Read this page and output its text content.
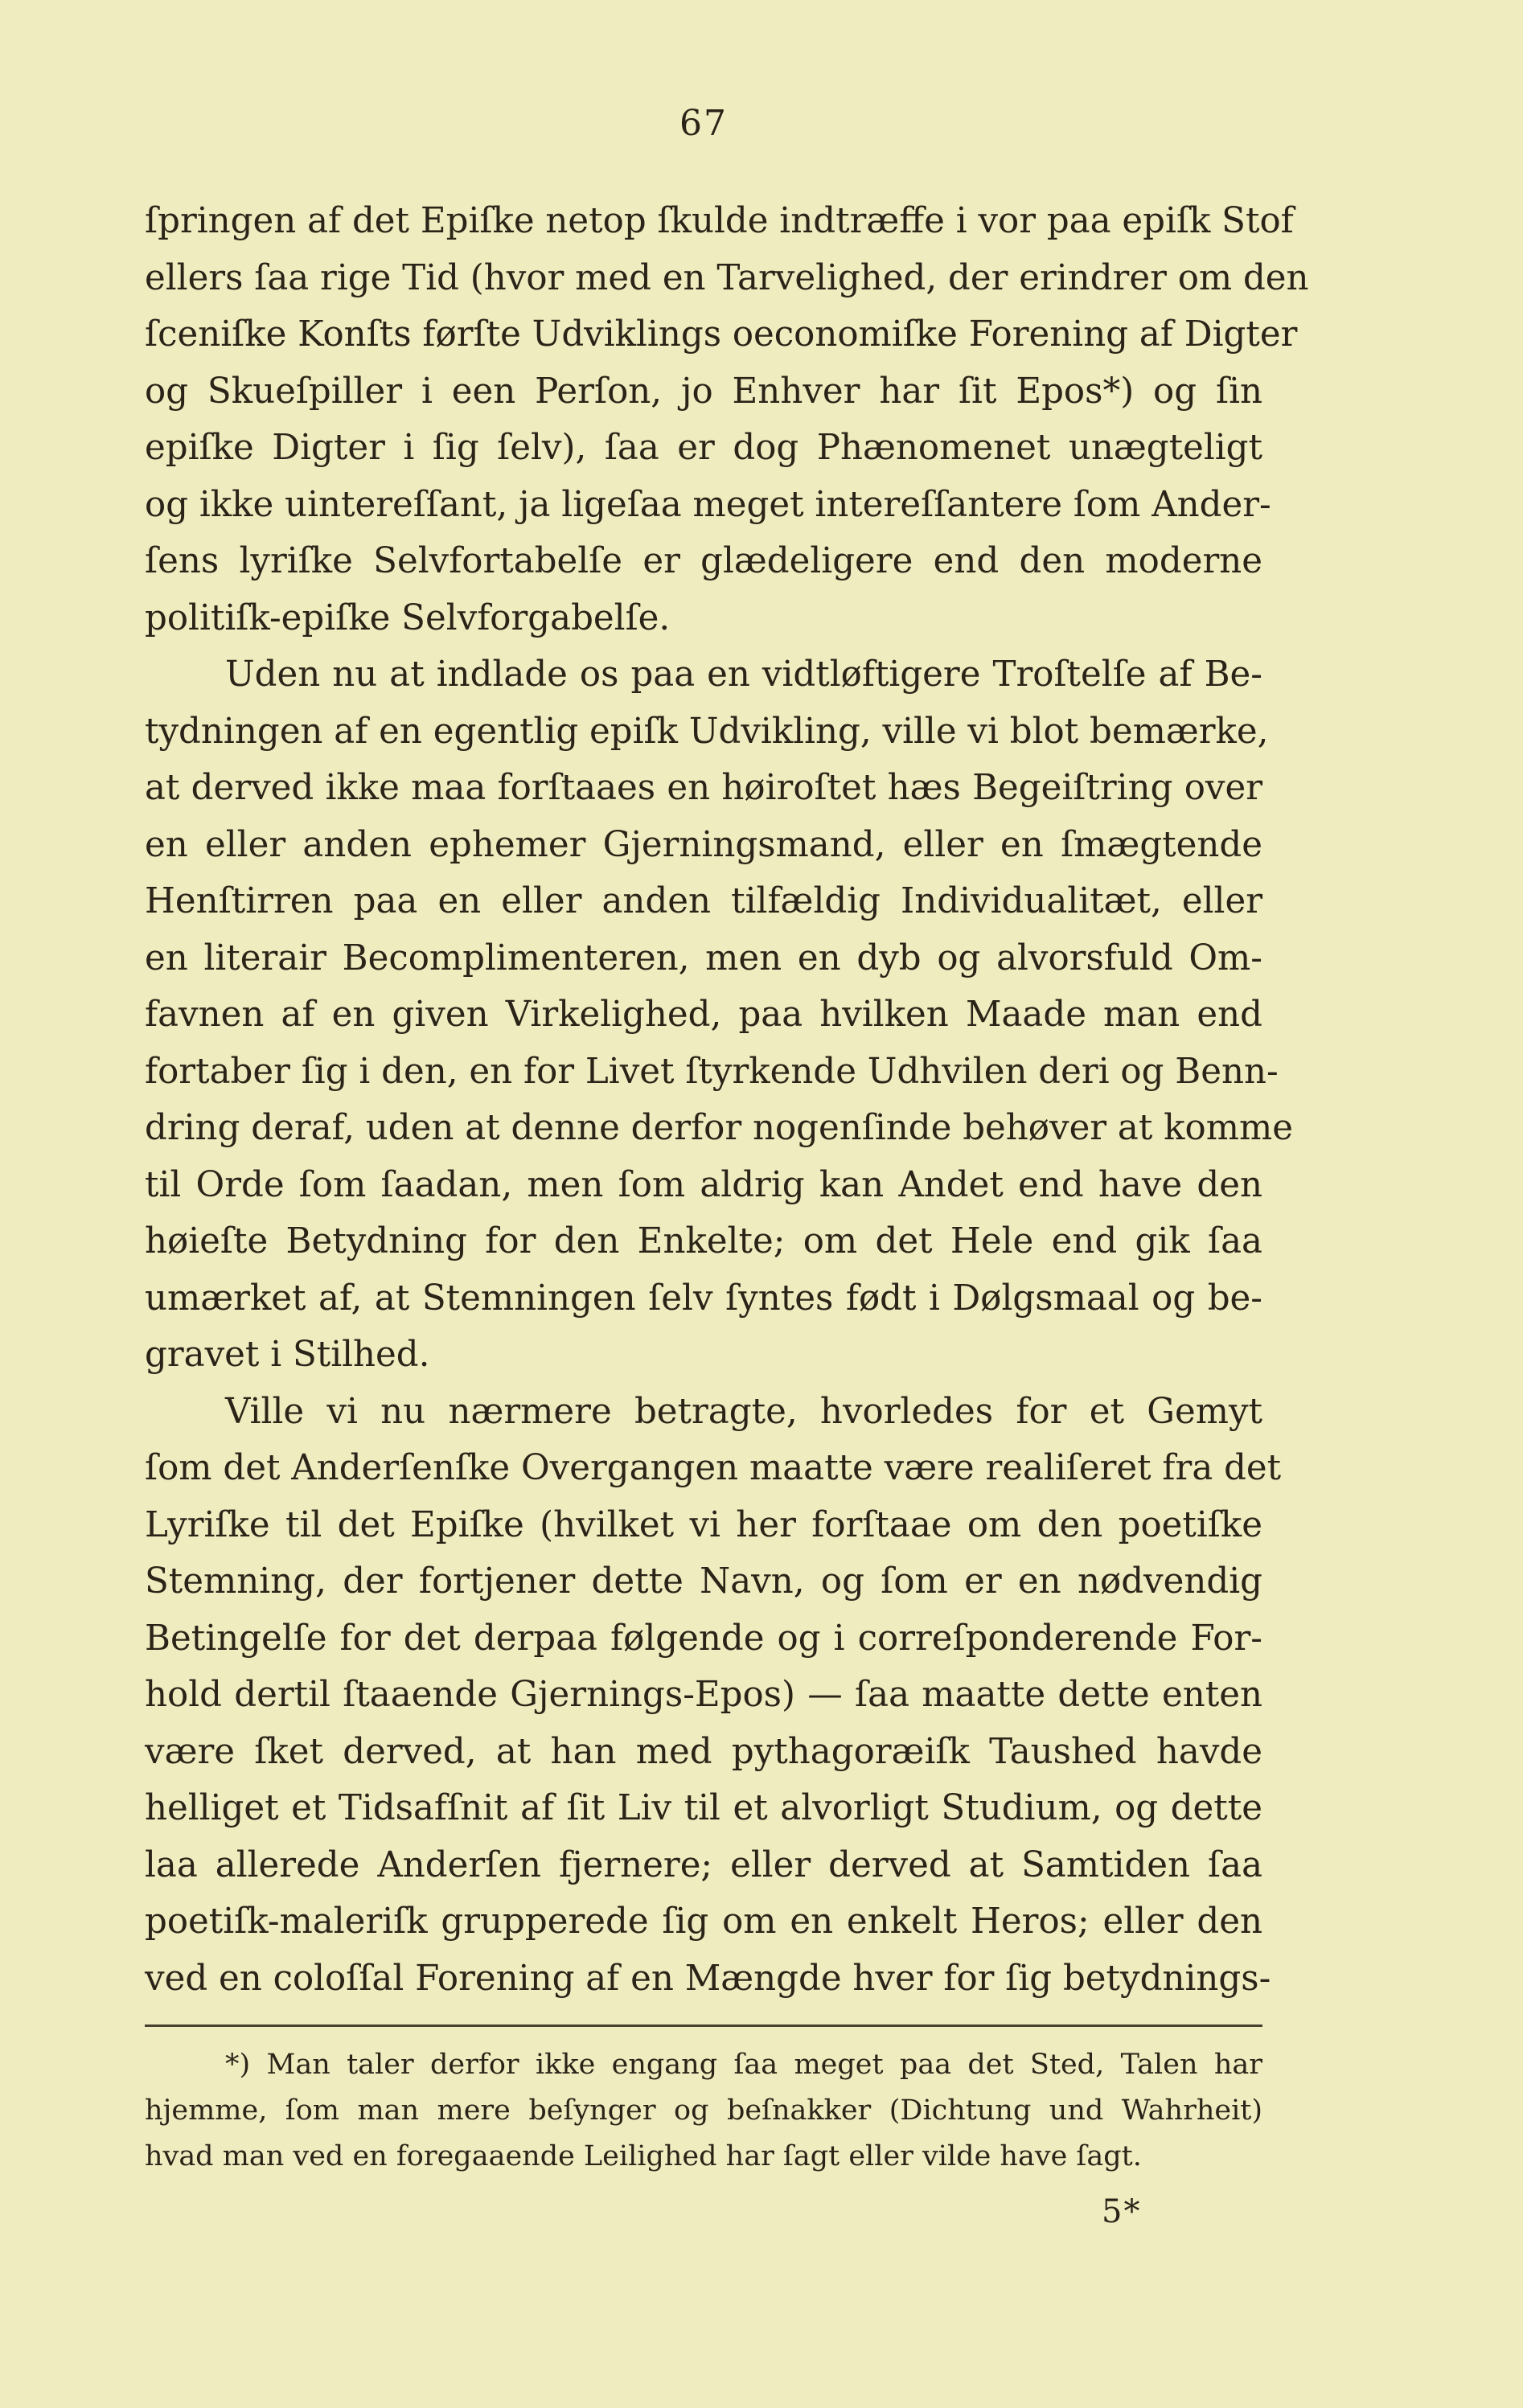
67
ſpringen af det Epiſke netop ſkulde indtræffe i vor paa epiſk Stof
ellers ſaa rige Tid (hvor med en Tarvelighed, der erindrer om den
ſceniſke Konſts førſte Udviklings oeconomiſke Forening af Digter
og Skueſpiller i een Perſon, jo Enhver har ſit Epos*) og ſin
epiſke Digter i ſig ſelv), ſaa er dog Phænomenet unægteligt
og ikke uintereſſant, ja ligeſaa meget intereſſantere ſom Ander-
ſens lyriſke Selvfortabelſe er glædeligere end den moderne
politiſk-epiſke Selvforgabelſe.
Uden nu at indlade os paa en vidtløftigere Troſtelſe af Be-
tydningen af en egentlig epiſk Udvikling, ville vi blot bemærke,
at derved ikke maa forſtaaes en høiroſtet hæs Begeiſtring over
en eller anden ephemer Gjerningsmand, eller en ſmægtende
Henſtirren paa en eller anden tilfældig Individualitæt, eller
en literair Becomplimenteren, men en dyb og alvorsfuld Om-
favnen af en given Virkelighed, paa hvilken Maade man end
fortaber ſig i den, en for Livet ſtyrkende Udhvilen deri og Benn-
dring deraf, uden at denne derfor nogenſinde behøver at komme
til Orde ſom ſaadan, men ſom aldrig kan Andet end have den
høieſte Betydning for den Enkelte; om det Hele end gik ſaa
umærket af, at Stemningen ſelv ſyntes født i Dølgsmaal og be-
gravet i Stilhed.
Ville vi nu nærmere betragte, hvorledes for et Gemyt
ſom det Anderſenſke Overgangen maatte være realiſeret fra det
Lyriſke til det Epiſke (hvilket vi her forſtaae om den poetiſke
Stemning, der fortjener dette Navn, og ſom er en nødvendig
Betingelſe for det derpaa følgende og i correſponderende For-
hold dertil ſtaaende Gjernings-Epos) — ſaa maatte dette enten
være ſket derved, at han med pythagoræiſk Taushed havde
helliget et Tidsafſnit af ſit Liv til et alvorligt Studium, og dette
laa allerede Anderſen fjernere; eller derved at Samtiden ſaa
poetiſk-maleriſk grupperede ſig om en enkelt Heros; eller den
ved en coloſſal Forening af en Mængde hver for ſig betydnings-
*) Man taler derfor ikke engang ſaa meget paa det Sted, Talen har
hjemme, ſom man mere beſynger og beſnakker (Dichtung und Wahrheit)
hvad man ved en foregaaende Leilighed har ſagt eller vilde have ſagt.
5*
